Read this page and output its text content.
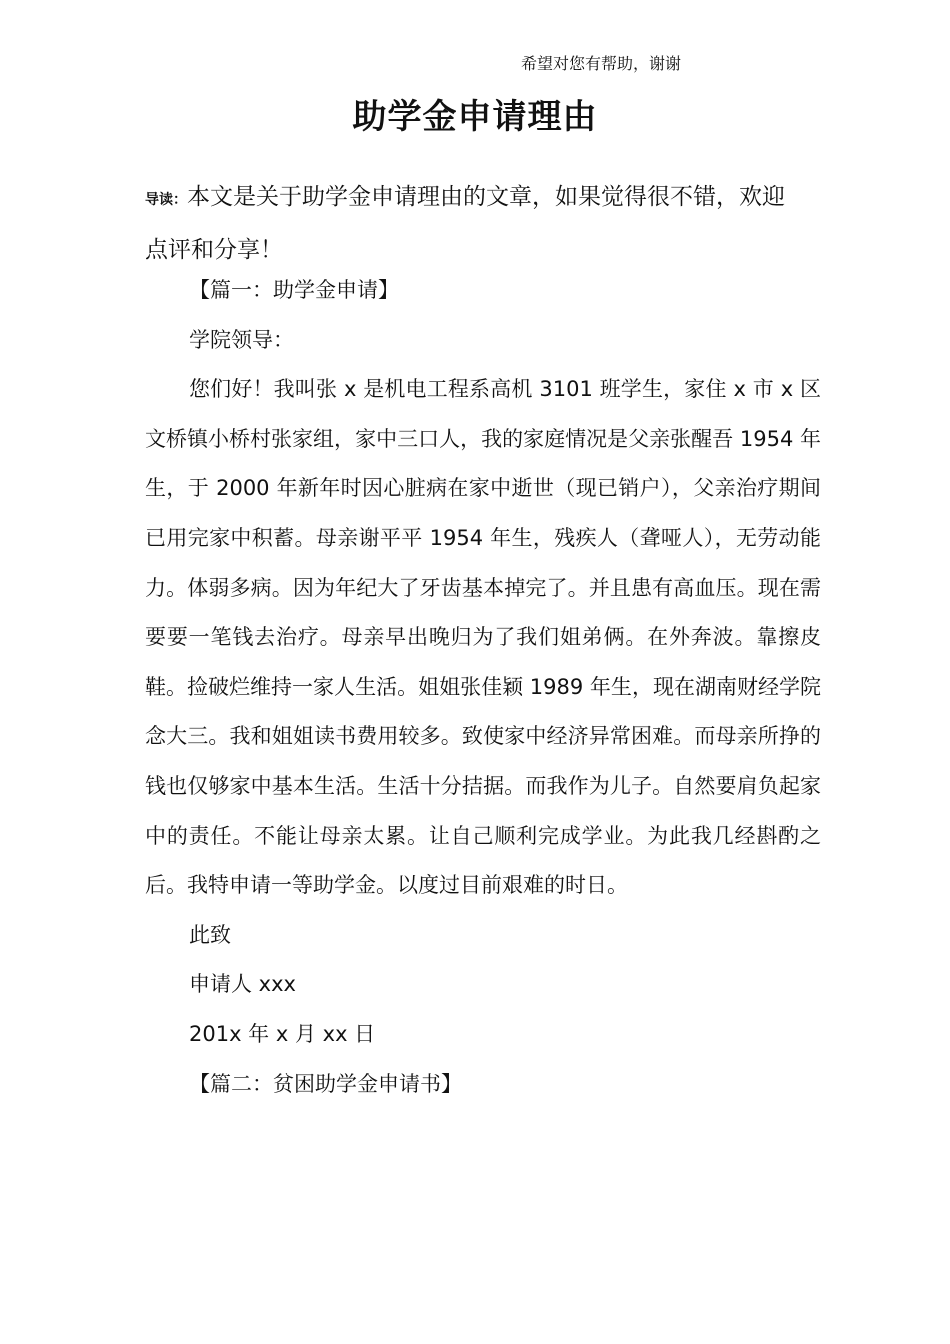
希望对您有帮助，谢谢
助学金申请理由

导读：本文是关于助学金申请理由的文章，如果觉得很不错，欢迎点评和分享！

【篇一：助学金申请】

学院领导：

您们好！我叫张 x 是机电工程系高机 3101 班学生，家住 x 市 x 区文桥镇小桥村张家组，家中三口人，我的家庭情况是父亲张醒吾 1954 年生，于 2000 年新年时因心脏病在家中逝世（现已销户），父亲治疗期间已用完家中积蓄。母亲谢平平 1954 年生，残疾人（聋哑人），无劳动能力。体弱多病。因为年纪大了牙齿基本掉完了。并且患有高血压。现在需要要一笔钱去治疗。母亲早出晚归为了我们姐弟俩。在外奔波。靠擦皮鞋。捡破烂维持一家人生活。姐姐张佳颖 1989 年生，现在湖南财经学院念大三。我和姐姐读书费用较多。致使家中经济异常困难。而母亲所挣的钱也仅够家中基本生活。生活十分拮据。而我作为儿子。自然要肩负起家中的责任。不能让母亲太累。让自己顺利完成学业。为此我几经斟酌之后。我特申请一等助学金。以度过目前艰难的时日。

此致

申请人 xxx

201x 年 x 月 xx 日

【篇二：贫困助学金申请书】
